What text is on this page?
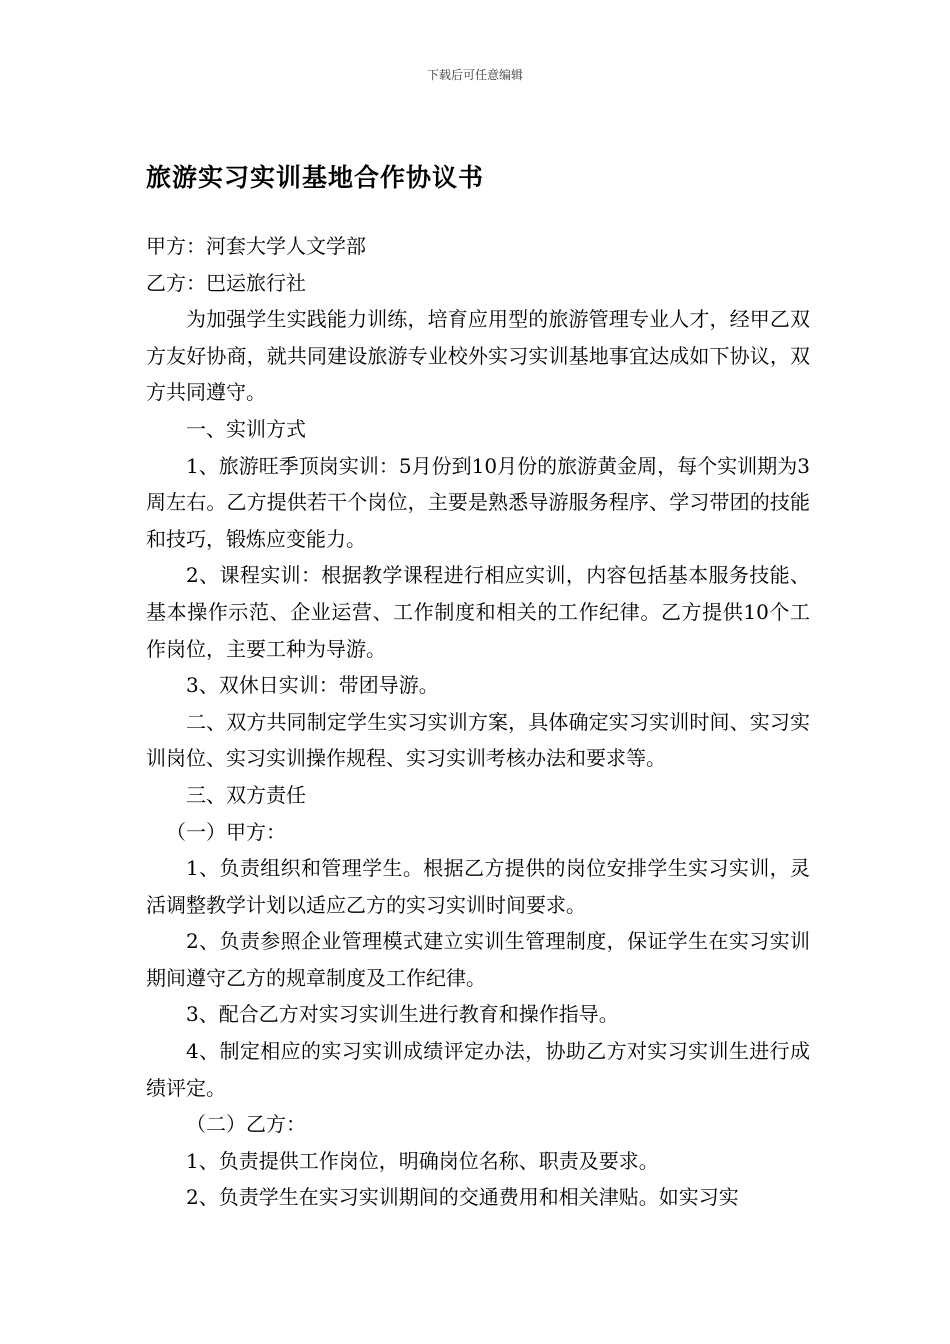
下载后可任意编辑
旅游实习实训基地合作协议书

甲方：河套大学人文学部

乙方：巴运旅行社

为加强学生实践能力训练，培育应用型的旅游管理专业人才，经甲乙双方友好协商，就共同建设旅游专业校外实习实训基地事宜达成如下协议，双方共同遵守。

一、实训方式

1、旅游旺季顶岗实训：5月份到10月份的旅游黄金周，每个实训期为3周左右。乙方提供若干个岗位，主要是熟悉导游服务程序、学习带团的技能和技巧，锻炼应变能力。

2、课程实训：根据教学课程进行相应实训，内容包括基本服务技能、基本操作示范、企业运营、工作制度和相关的工作纪律。乙方提供10个工作岗位，主要工种为导游。

3、双休日实训：带团导游。

二、双方共同制定学生实习实训方案，具体确定实习实训时间、实习实训岗位、实习实训操作规程、实习实训考核办法和要求等。

三、双方责任

（一）甲方：

1、负责组织和管理学生。根据乙方提供的岗位安排学生实习实训，灵活调整教学计划以适应乙方的实习实训时间要求。

2、负责参照企业管理模式建立实训生管理制度，保证学生在实习实训期间遵守乙方的规章制度及工作纪律。

3、配合乙方对实习实训生进行教育和操作指导。

4、制定相应的实习实训成绩评定办法，协助乙方对实习实训生进行成绩评定。

（二）乙方：

1、负责提供工作岗位，明确岗位名称、职责及要求。

2、负责学生在实习实训期间的交通费用和相关津贴。如实习实
